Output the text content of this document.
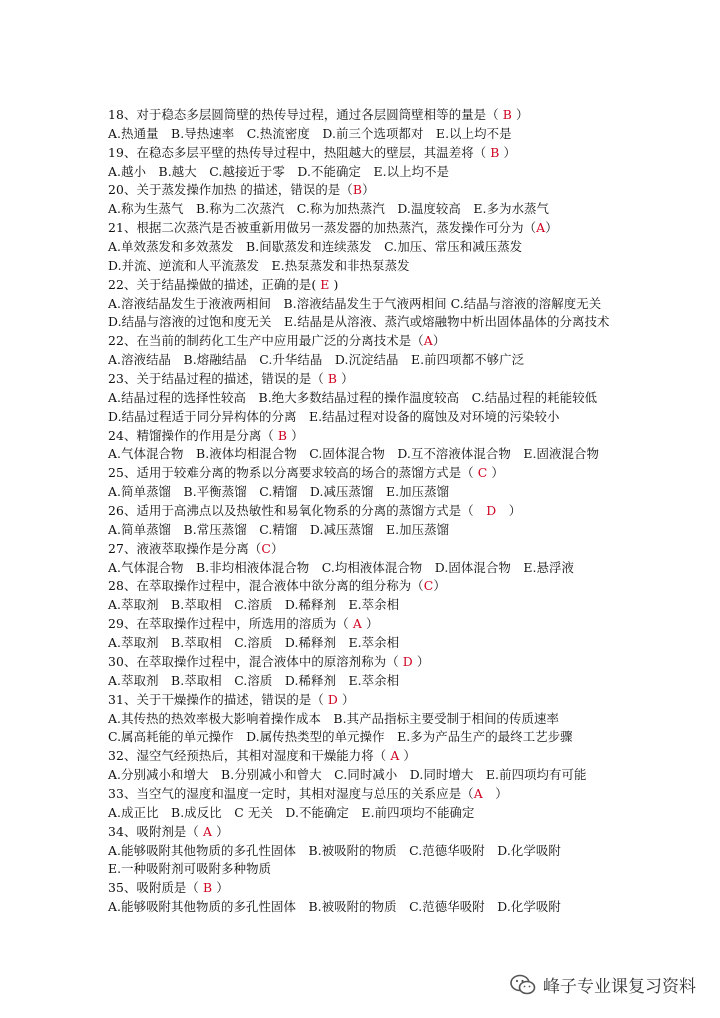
18、对于稳态多层圆筒壁的热传导过程，通过各层圆筒壁相等的量是（ B ）
A.热通量　B.导热速率　C.热流密度　D.前三个选项都对　E.以上均不是
19、在稳态多层平壁的热传导过程中，热阻越大的壁层，其温差将（ B ）
A.越小　B.越大　C.越接近于零　D.不能确定　E.以上均不是
20、关于蒸发操作加热 的描述，错误的是（B）
A.称为生蒸气　B.称为二次蒸汽　C.称为加热蒸汽　D.温度较高　E.多为水蒸气
21、根据二次蒸汽是否被重新用做另一蒸发器的加热蒸汽，蒸发操作可分为（A）
A.单效蒸发和多效蒸发　B.间歇蒸发和连续蒸发　C.加压、常压和减压蒸发
D.并流、逆流和人平流蒸发　E.热泵蒸发和非热泵蒸发
22、关于结晶操做的描述，正确的是( E )
A.溶液结晶发生于液液两相间　B.溶液结晶发生于气液两相间 C.结晶与溶液的溶解度无关
D.结晶与溶液的过饱和度无关　E.结晶是从溶液、蒸汽或熔融物中析出固体晶体的分离技术
22、在当前的制药化工生产中应用最广泛的分离技术是（A）
A.溶液结晶　B.熔融结晶　C.升华结晶　D.沉淀结晶　E.前四项都不够广泛
23、关于结晶过程的描述，错误的是（ B ）
A.结晶过程的选择性较高　B.绝大多数结晶过程的操作温度较高　C.结晶过程的耗能较低
D.结晶过程适于同分异构体的分离　E.结晶过程对设备的腐蚀及对环境的污染较小
24、精馏操作的作用是分离（ B ）
A.气体混合物　B.液体均相混合物　C.固体混合物　D.互不溶液体混合物　E.固液混合物
25、适用于较难分离的物系以分离要求较高的场合的蒸馏方式是（ C ）
A.简单蒸馏　B.平衡蒸馏　C.精馏　D.减压蒸馏　E.加压蒸馏
26、适用于高沸点以及热敏性和易氧化物系的分离的蒸馏方式是（　D　）
A.简单蒸馏　B.常压蒸馏　C.精馏　D.减压蒸馏　E.加压蒸馏
27、液液萃取操作是分离（C）
A.气体混合物　B.非均相液体混合物　C.均相液体混合物　D.固体混合物　E.悬浮液
28、在萃取操作过程中，混合液体中欲分离的组分称为（C）
A.萃取剂　B.萃取相　C.溶质　D.稀释剂　E.萃余相
29、在萃取操作过程中，所选用的溶质为（ A ）
A.萃取剂　B.萃取相　C.溶质　D.稀释剂　E.萃余相
30、在萃取操作过程中，混合液体中的原溶剂称为（ D ）
A.萃取剂　B.萃取相　C.溶质　D.稀释剂　E.萃余相
31、关于干燥操作的描述，错误的是（ D ）
A.其传热的热效率极大影响着操作成本　B.其产品指标主要受制于相间的传质速率
C.属高耗能的单元操作　D.属传热类型的单元操作　E.多为产品生产的最终工艺步骤
32、湿空气经预热后，其相对湿度和干燥能力将（ A ）
A.分别减小和增大　B.分别减小和曾大　C.同时减小　D.同时增大　E.前四项均有可能
33、当空气的湿度和温度一定时，其相对湿度与总压的关系应是（A　）
A.成正比　B.成反比　C 无关　D.不能确定　E.前四项均不能确定
34、吸附剂是（ A ）
A.能够吸附其他物质的多孔性固体　B.被吸附的物质　C.范德华吸附　D.化学吸附
E.一种吸附剂可吸附多种物质
35、吸附质是（ B ）
A.能够吸附其他物质的多孔性固体　B.被吸附的物质　C.范德华吸附　D.化学吸附
峰子专业课复习资料
